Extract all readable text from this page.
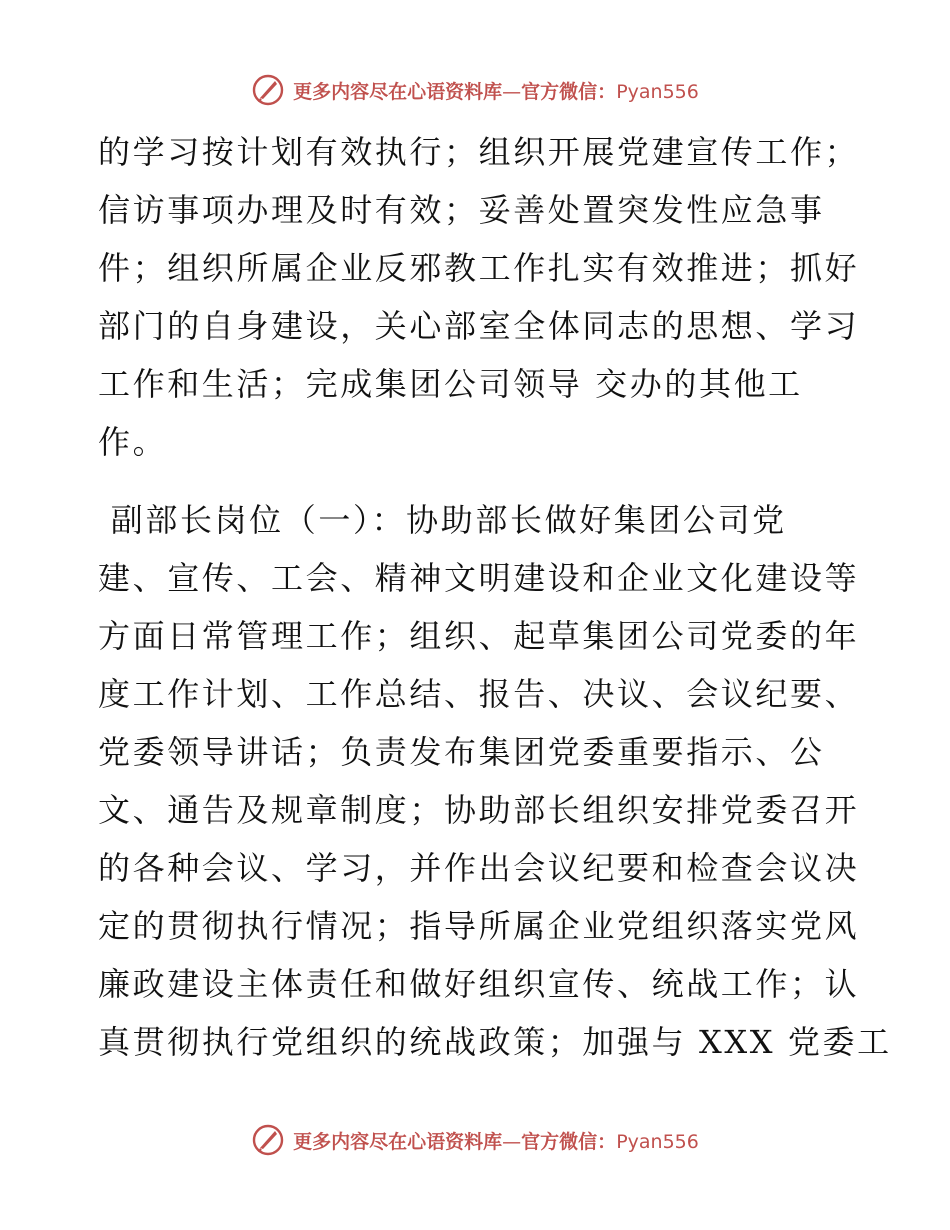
更多内容尽在心语资料库—官方微信：Pyan556
的学习按计划有效执行；组织开展党建宣传工作；
信访事项办理及时有效；妥善处置突发性应急事
件；组织所属企业反邪教工作扎实有效推进；抓好
部门的自身建设，关心部室全体同志的思想、学习
工作和生活；完成集团公司领导 交办的其他工
作。
副部长岗位（一）：协助部长做好集团公司党
建、宣传、工会、精神文明建设和企业文化建设等
方面日常管理工作；组织、起草集团公司党委的年
度工作计划、工作总结、报告、决议、会议纪要、
党委领导讲话；负责发布集团党委重要指示、公
文、通告及规章制度；协助部长组织安排党委召开
的各种会议、学习，并作出会议纪要和检查会议决
定的贯彻执行情况；指导所属企业党组织落实党风
廉政建设主体责任和做好组织宣传、统战工作；认
真贯彻执行党组织的统战政策；加强与 XXX 党委工
更多内容尽在心语资料库—官方微信：Pyan556
